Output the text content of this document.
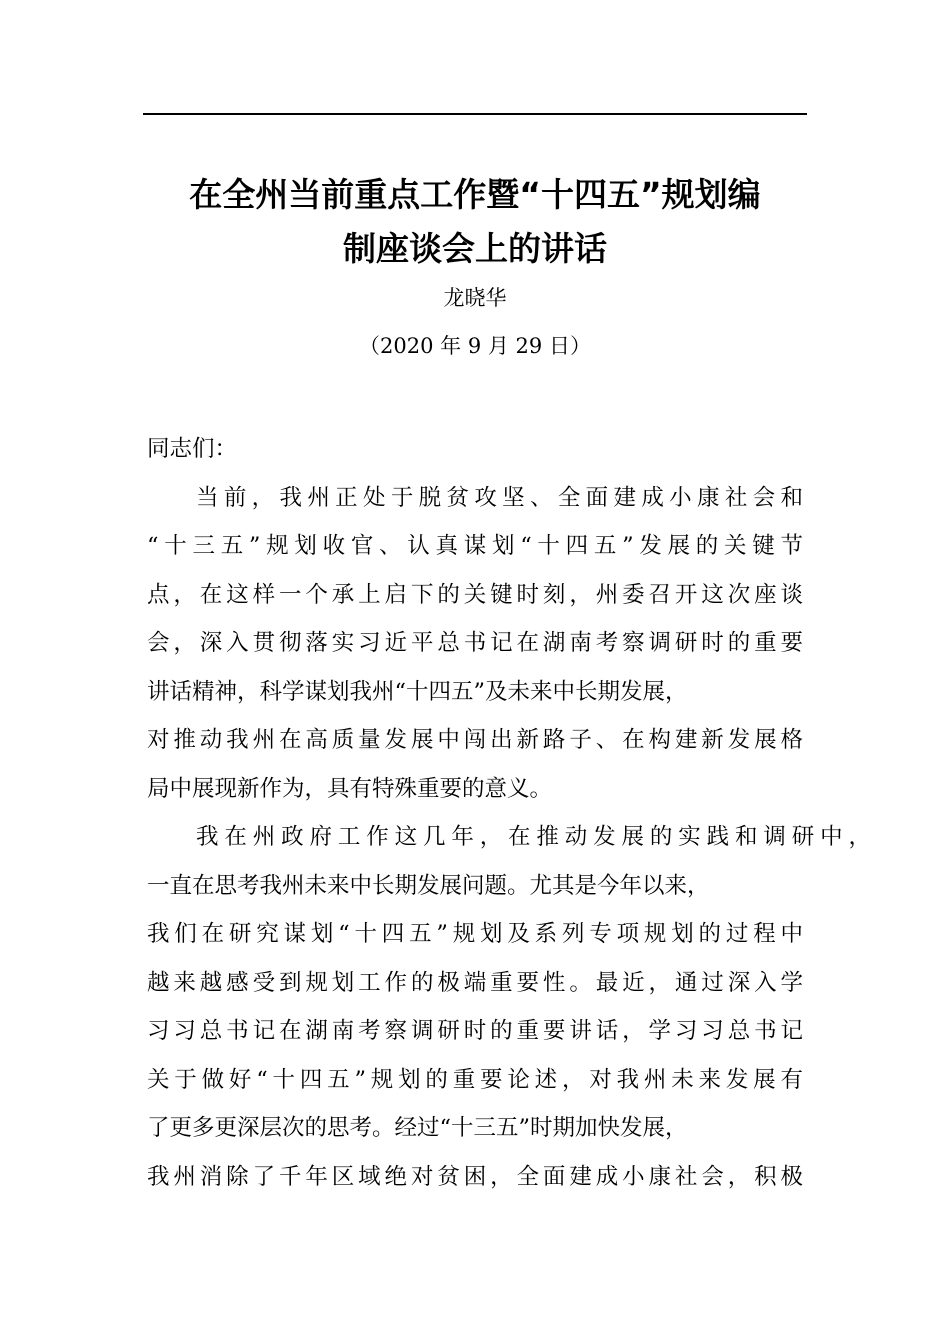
在全州当前重点工作暨“十四五”规划编
制座谈会上的讲话
龙晓华
（2020 年 9 月 29 日）
同志们：
当前，我州正处于脱贫攻坚、全面建成小康社会和
“十三五”规划收官、认真谋划“十四五”发展的关键节
点，在这样一个承上启下的关键时刻，州委召开这次座谈
会，深入贯彻落实习近平总书记在湖南考察调研时的重要
讲话精神，科学谋划我州“十四五”及未来中长期发展，
对推动我州在高质量发展中闯出新路子、在构建新发展格
局中展现新作为，具有特殊重要的意义。
我在州政府工作这几年，在推动发展的实践和调研中，
一直在思考我州未来中长期发展问题。尤其是今年以来，
我们在研究谋划“十四五”规划及系列专项规划的过程中
越来越感受到规划工作的极端重要性。最近，通过深入学
习习总书记在湖南考察调研时的重要讲话，学习习总书记
关于做好“十四五”规划的重要论述，对我州未来发展有
了更多更深层次的思考。经过“十三五”时期加快发展，
我州消除了千年区域绝对贫困，全面建成小康社会，积极
